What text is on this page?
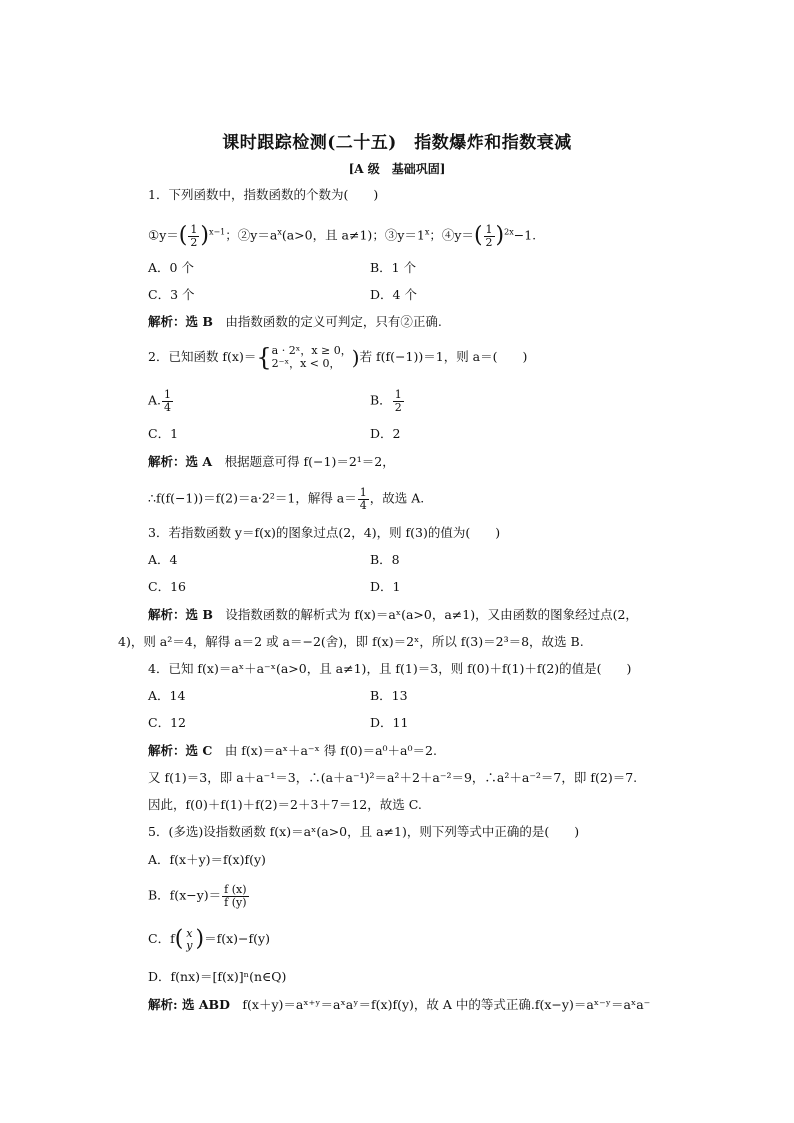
课时跟踪检测(二十五)　指数爆炸和指数衰减
[A 级　基础巩固]
1．下列函数中，指数函数的个数为(　　)
①y＝( $\frac{1}{2} )^{x-1}$；$②y=a^x(a>0$，且 a≠1)；$③y=1^x$；④y＝( $\frac{1}{2} )^{2x}-1$.
A．0 个	B．1 个
C．3 个	D．4 个
解析：选 B　由指数函数的定义可判定，只有②正确.
2．已知函数 f(x)＝{ a · 2ˣ，x ≥ 0，
2⁻ˣ，x < 0， )若 f(f(−1))＝1，则 a＝(　　)
A. $\frac{1}{4}$	B． $\frac{1}{2}$
C．1	D．2
解析：选 A　根据题意可得 f(−1)＝2¹＝2，
∴f(f(−1))＝f(2)＝a·2²＝1，解得 $a= \frac{1}{4}$ ，故选 A.
3．若指数函数 y＝f(x)的图象过点(2，4)，则 f(3)的值为(　　)
A．4	B．8
C．16	D．1
解析：选 B　设指数函数的解析式为 f(x)＝aˣ(a>0，a≠1)，又由函数的图象经过点(2，
4)，则 a²＝4，解得 a＝2 或 a＝−2(舍)，即 f(x)＝2ˣ，所以 f(3)＝2³＝8，故选 B.
4．已知 f(x)＝aˣ＋a⁻ˣ(a>0，且 a≠1)，且 f(1)＝3，则 f(0)＋f(1)＋f(2)的值是(　　)
A．14	B．13
C．12	D．11
解析：选 C　由 f(x)＝aˣ＋a⁻ˣ 得 f(0)＝a⁰＋a⁰＝2.
又 f(1)＝3，即 a＋a⁻¹＝3，∴(a＋a⁻¹)²＝a²＋2＋a⁻²＝9，∴a²＋a⁻²＝7，即 f(2)＝7.
因此，f(0)＋f(1)＋f(2)＝2＋3＋7＝12，故选 C.
5．(多选)设指数函数 f(x)＝aˣ(a>0，且 a≠1)，则下列等式中正确的是(　　)
A．f(x＋y)＝f(x)f(y)
B．$f(x-y)= \frac{f (x)}{f (y)}$
C．f( x
y )＝f(x)−f(y)
D．f(nx)＝[f(x)]ⁿ(n∈Q)
解析: 选 ABD　f(x＋y)＝aˣ⁺ʸ＝aˣaʸ＝f(x)f(y)，故 A 中的等式正确.f(x−y)＝aˣ⁻ʸ＝aˣa⁻
